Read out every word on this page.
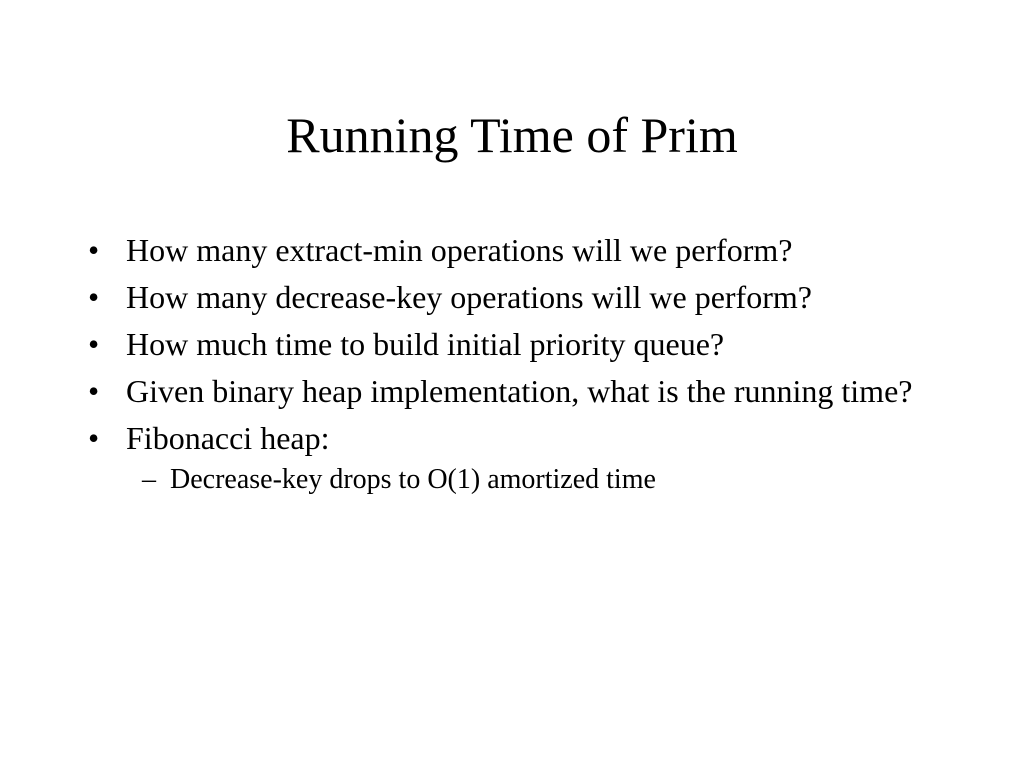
Running Time of Prim
• How many extract-min operations will we perform?
• How many decrease-key operations will we perform?
• How much time to build initial priority queue?
• Given binary heap implementation, what is the running time?
• Fibonacci heap:
– Decrease-key drops to O(1) amortized time
